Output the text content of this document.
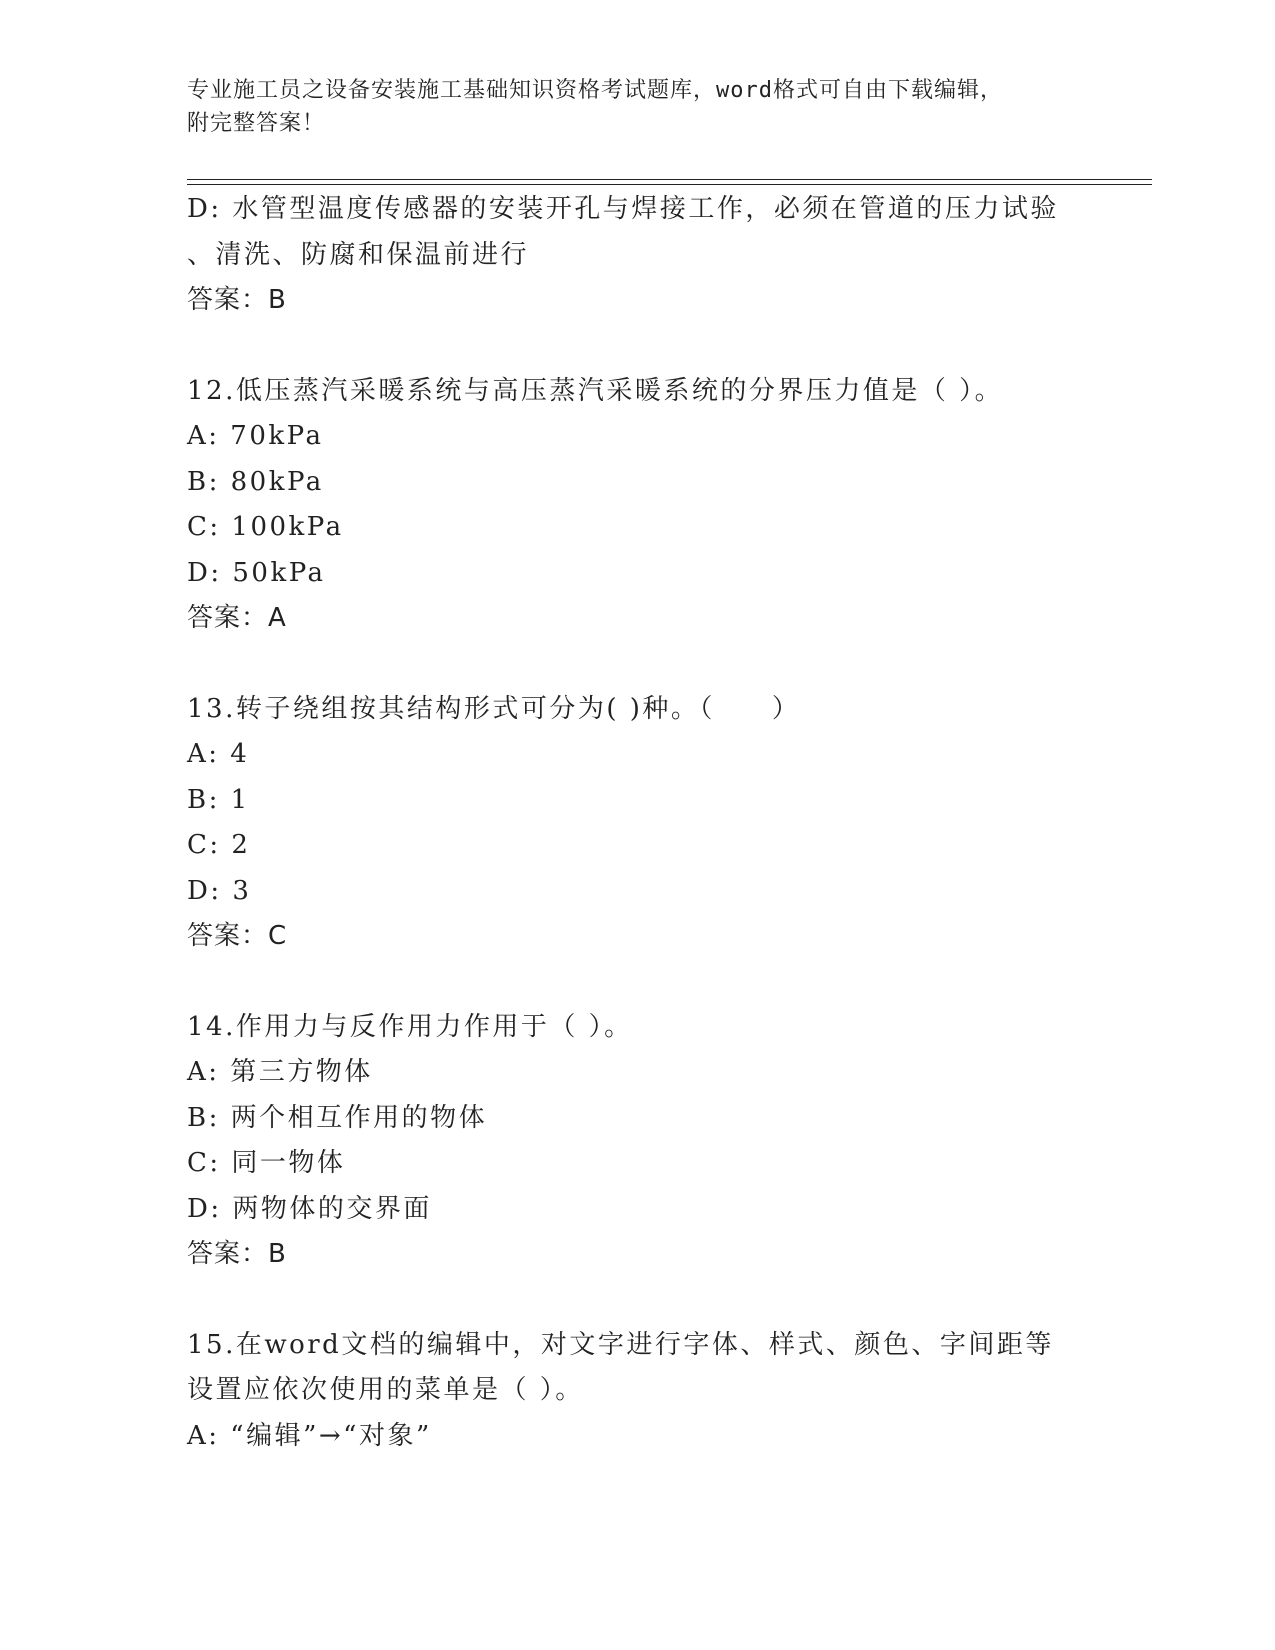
专业施工员之设备安装施工基础知识资格考试题库，word格式可自由下载编辑，
附完整答案！
D: 水管型温度传感器的安装开孔与焊接工作，必须在管道的压力试验
、清洗、防腐和保温前进行
答案：B
12.低压蒸汽采暖系统与高压蒸汽采暖系统的分界压力值是（ ）。
A: 70kPa
B: 80kPa
C: 100kPa
D: 50kPa
答案：A
13.转子绕组按其结构形式可分为( )种。（　　）
A: 4
B: 1
C: 2
D: 3
答案：C
14.作用力与反作用力作用于（ ）。
A: 第三方物体
B: 两个相互作用的物体
C: 同一物体
D: 两物体的交界面
答案：B
15.在word文档的编辑中，对文字进行字体、样式、颜色、字间距等
设置应依次使用的菜单是（ ）。
A: “编辑”→“对象”
